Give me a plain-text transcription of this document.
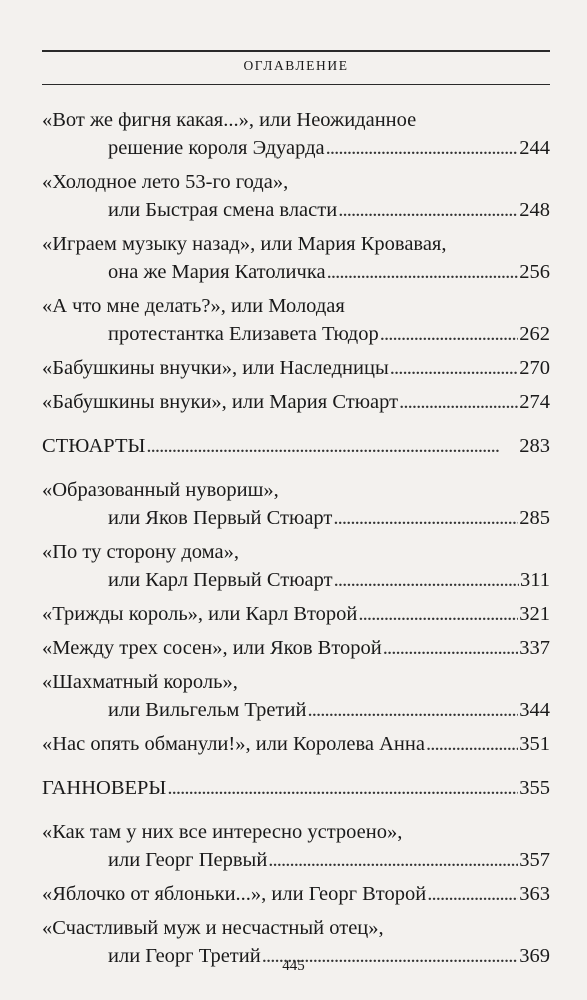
ОГЛАВЛЕНИЕ
«Вот же фигня какая...», или Неожиданное
решение короля Эдуарда . . .	244
«Холодное лето 53-го года»,
или Быстрая смена власти . . .	248
«Играем музыку назад», или Мария Кровавая,
она же Мария Католичка . . .	256
«А что мне делать?», или Молодая
протестантка Елизавета Тюдор . . .	262
«Бабушкины внучки», или Наследницы . . .	270
«Бабушкины внуки», или Мария Стюарт . . .	274
СТЮАРТЫ . . .	283
«Образованный нувориш»,
или Яков Первый Стюарт . . .	285
«По ту сторону дома»,
или Карл Первый Стюарт . . .	311
«Трижды король», или Карл Второй . . .	321
«Между трех сосен», или Яков Второй . . .	337
«Шахматный король»,
или Вильгельм Третий . . .	344
«Нас опять обманули!», или Королева Анна . . .	351
ГАННОВЕРЫ . . .	355
«Как там у них все интересно устроено»,
или Георг Первый . . .	357
«Яблочко от яблоньки...», или Георг Второй . . .	363
«Счастливый муж и несчастный отец»,
или Георг Третий . . .	369
445
